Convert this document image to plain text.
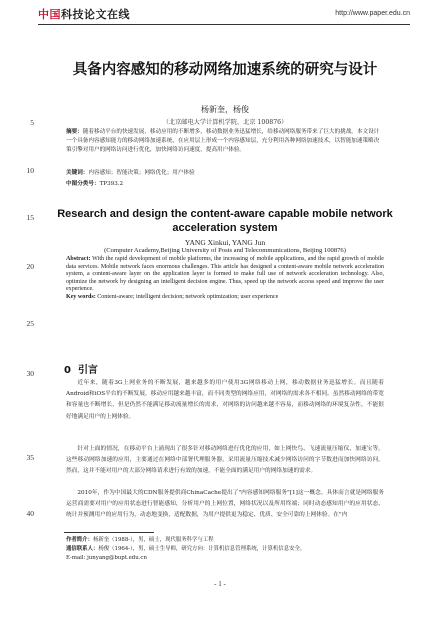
中国科技论文在线	http://www.paper.edu.cn
5
10
15
20
25
30
35
40
具备内容感知的移动网络加速系统的研究与设计
杨新奎，杨俊
（北京邮电大学计算机学院，北京 100876）
摘要：随着移动平台的快速发展，移动应用的不断增多，移动数据业务迅猛增长，给移动网络服务带来了巨大的挑战。本文设计一个具备内容感知能力的移动网络加速系统，在应用层上形成一个内容感知层，充分利用各种网络加速技术，以智能加速策略决策引擎对用户的网络访问进行优化，加快网络访问速度，提高用户体验。
关键词：内容感知；智能决策；网络优化；用户体验
中图分类号：TP393.2
Research and design the content-aware capable mobile network acceleration system
YANG Xinkui, YANG Jun
(Computer Academy,Beijing University of Posts and Telecommunications, Beijing 100876)
Abstract: With the rapid development of mobile platforms, the increasing of mobile applications, and the rapid growth of mobile data services. Mobile network faces enormous challenges. This article has designed a content-aware mobile network acceleration system, a content-aware layer on the application layer is formed to make full use of network acceleration technology. Also, optimize the network by designing an intelligent decision engine. Thus, speed up the network access speed and improve the user experience.
Key words: Content-aware; intelligent decision; network optimization; user experience
0 引言
近年来，随着3G上网业务的不断发展，越来越多的用户使用3G网络移动上网，移动数据业务迅猛增长。而且随着Android和iOS平台的不断发展，移动应用越来越丰富，而不同类型的网络应用，对网络的需求各不相同。虽然移动网络的带宽和容量也不断增长，但是仍然不能满足移动流量增长的需求，对网络的访问越来越不容易，而移动网络的环境复杂性，不能很好地满足用户的上网体验。
针对上面的情况，在移动平台上涌现出了很多针对移动网络进行优化的应用，如上网快鸟、飞速流量压缩仪、加速宝等。这些移动网络加速的应用，主要通过在网络中部署代理服务器，采用流量压缩技术减少网络访问的字节数进而加快网络访问。然而，这并不能对用户的大部分网络请求进行有效的加速，不能全面的满足用户的网络加速的需求。
2010年，作为中国最大的CDN服务提供商ChinaCache提出了"内容感知网络服务"[1]这一概念。具体而言就是网络服务运营商需要对用户的应用状态进行智能感知，分析用户的上网位置，网络状况以及所用终端；同时动态感知用户的应用状态，统计并预测用户的应用行为，动态地变换，适配数据，为用户提供更为稳定、优质、安全可靠的上网体验。在"内
作者简介：杨新奎（1988-），男，硕士，现代服务科学与工程
通信联系人：杨俊（1964-），男，硕士生导师，研究方向：计算机信息管理系统，计算机信息安全。
E-mail: junyang@bupt.edu.cn
- 1 -
